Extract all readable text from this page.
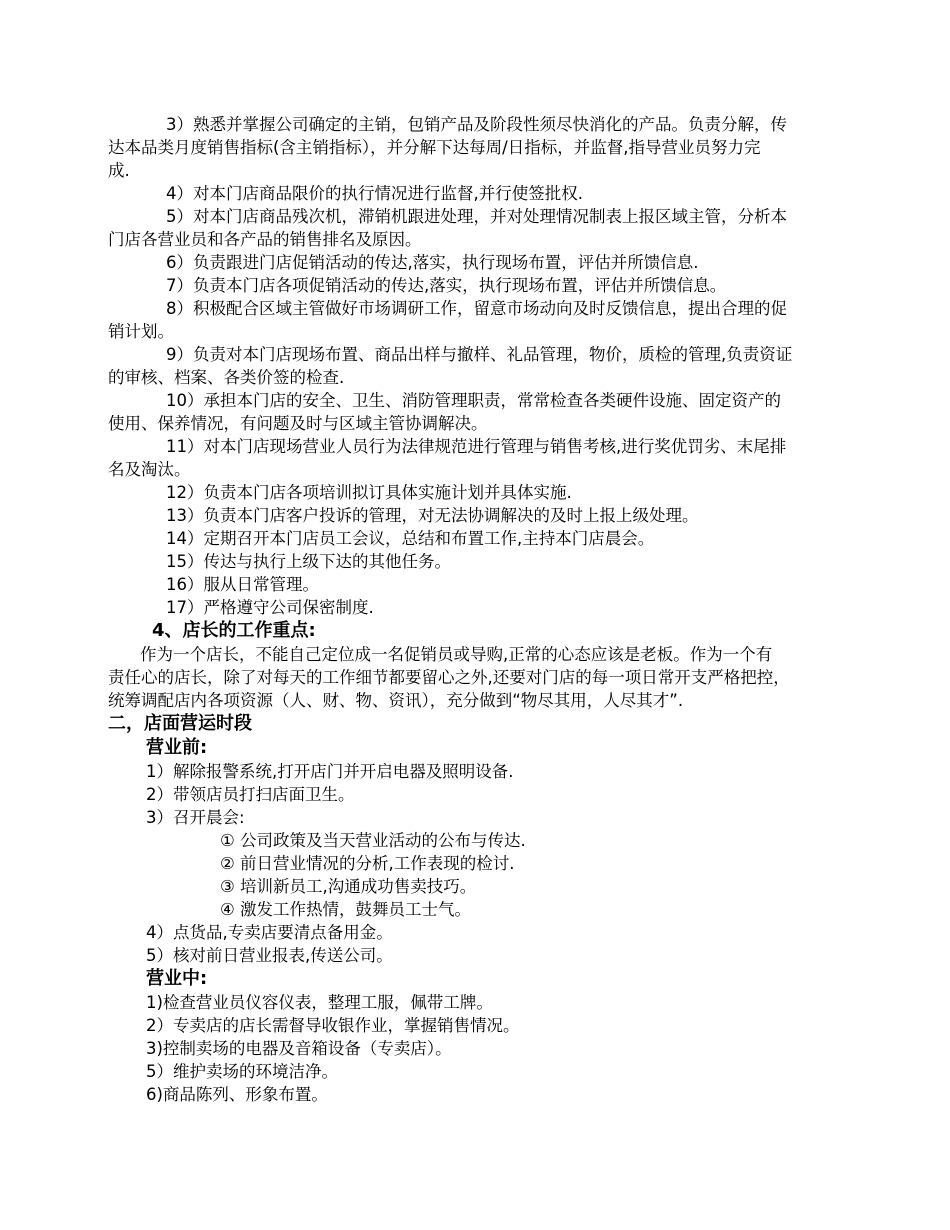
3）熟悉并掌握公司确定的主销，包销产品及阶段性须尽快消化的产品。负责分解，传
达本品类月度销售指标(含主销指标），并分解下达每周/日指标，并监督,指导营业员努力完
成.
4）对本门店商品限价的执行情况进行监督,并行使签批权.
5）对本门店商品残次机，滞销机跟进处理，并对处理情况制表上报区域主管，分析本
门店各营业员和各产品的销售排名及原因。
6）负责跟进门店促销活动的传达,落实，执行现场布置，评估并所馈信息.
7）负责本门店各项促销活动的传达,落实，执行现场布置，评估并所馈信息。
8）积极配合区域主管做好市场调研工作，留意市场动向及时反馈信息，提出合理的促
销计划。
9）负责对本门店现场布置、商品出样与撤样、礼品管理，物价，质检的管理,负责资证
的审核、档案、各类价签的检查.
10）承担本门店的安全、卫生、消防管理职责，常常检查各类硬件设施、固定资产的
使用、保养情况，有问题及时与区域主管协调解决。
11）对本门店现场营业人员行为法律规范进行管理与销售考核,进行奖优罚劣、末尾排
名及淘汰。
12）负责本门店各项培训拟订具体实施计划并具体实施.
13）负责本门店客户投诉的管理，对无法协调解决的及时上报上级处理。
14）定期召开本门店员工会议，总结和布置工作,主持本门店晨会。
15）传达与执行上级下达的其他任务。
16）服从日常管理。
17）严格遵守公司保密制度.
4、店长的工作重点:
作为一个店长，不能自己定位成一名促销员或导购,正常的心态应该是老板。作为一个有
责任心的店长，除了对每天的工作细节都要留心之外,还要对门店的每一项日常开支严格把控，
统筹调配店内各项资源（人、财、物、资讯），充分做到“物尽其用，人尽其才”.
二，店面营运时段
营业前:
1）解除报警系统,打开店门并开启电器及照明设备.
2）带领店员打扫店面卫生。
3）召开晨会:
① 公司政策及当天营业活动的公布与传达.
② 前日营业情况的分析,工作表现的检讨.
③ 培训新员工,沟通成功售卖技巧。
④ 激发工作热情，鼓舞员工士气。
4）点货品,专卖店要清点备用金。
5）核对前日营业报表,传送公司。
营业中:
1)检查营业员仪容仪表，整理工服，佩带工牌。
2）专卖店的店长需督导收银作业，掌握销售情况。
3)控制卖场的电器及音箱设备（专卖店）。
5）维护卖场的环境洁净。
6)商品陈列、形象布置。
